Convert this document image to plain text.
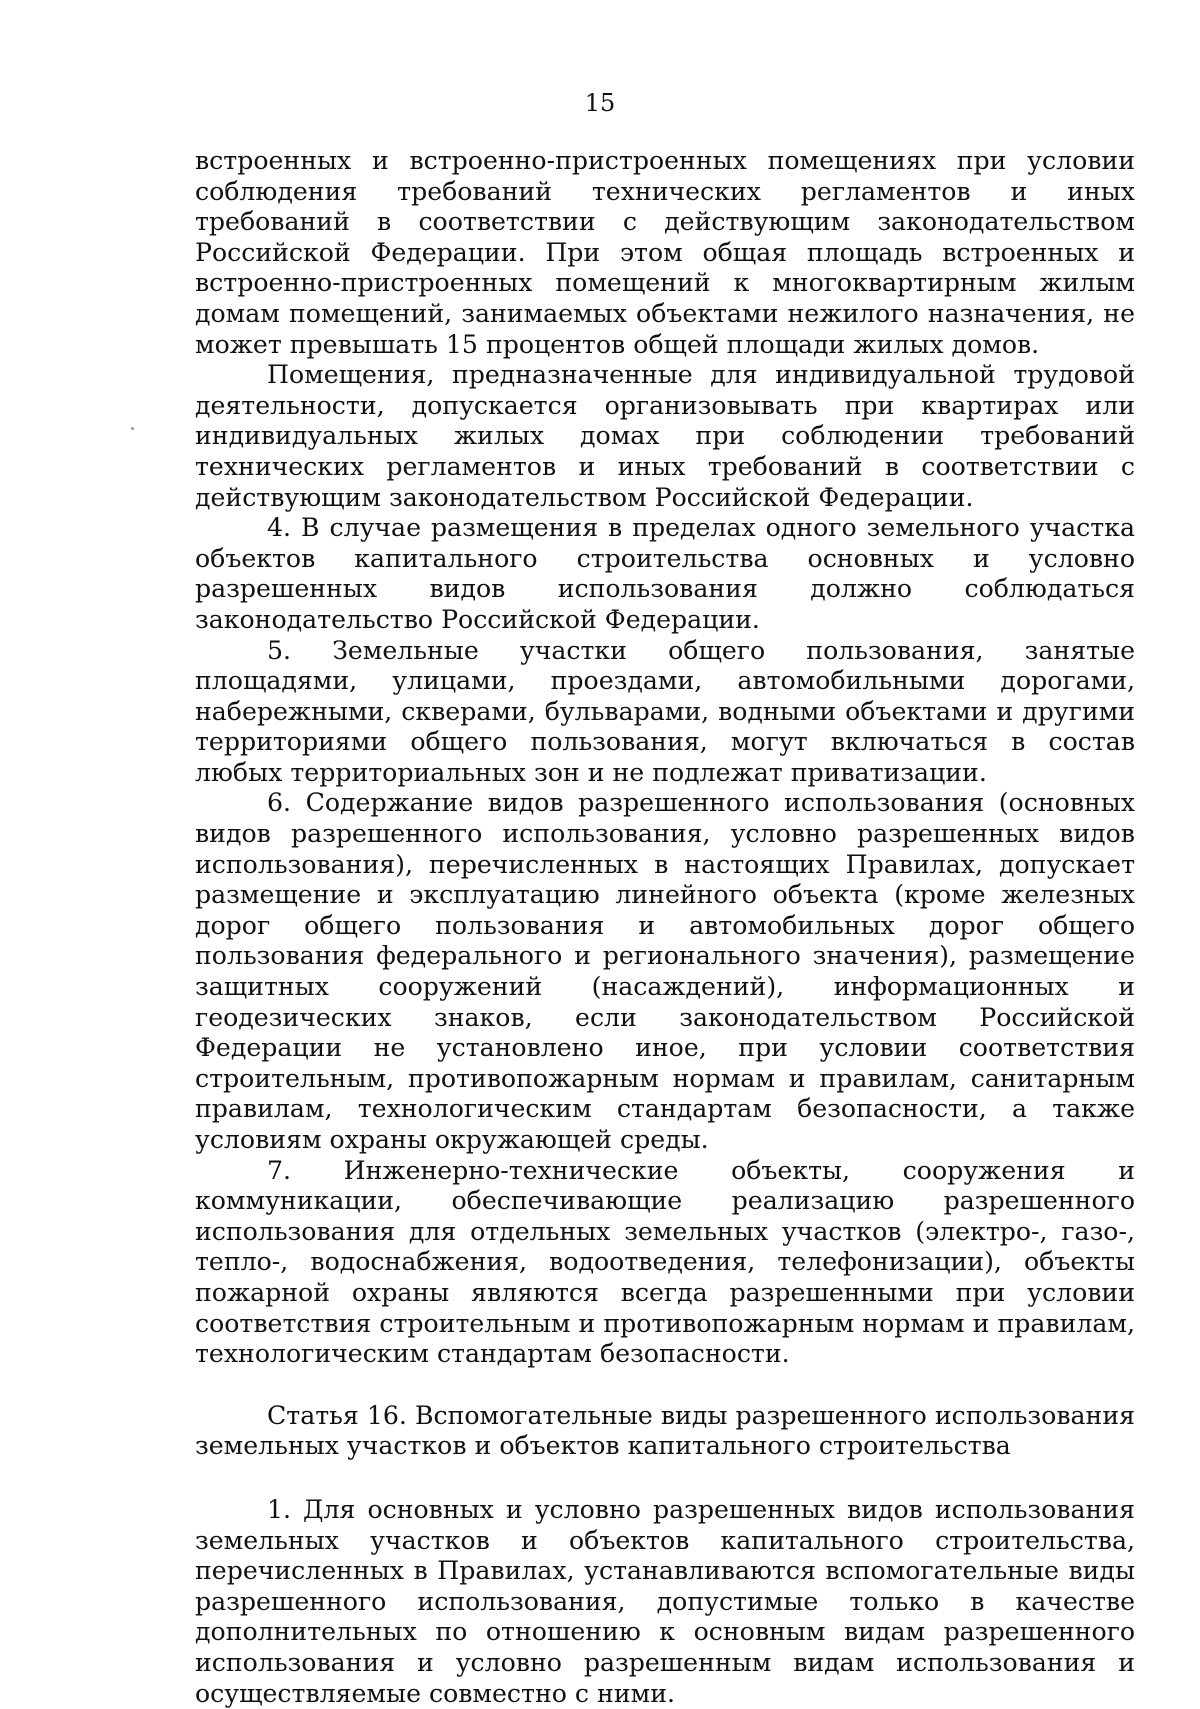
15

встроенных и встроенно-пристроенных помещениях при условии соблюдения требований технических регламентов и иных требований в соответствии с действующим законодательством Российской Федерации. При этом общая площадь встроенных и встроенно-пристроенных помещений к многоквартирным жилым домам помещений, занимаемых объектами нежилого назначения, не может превышать 15 процентов общей площади жилых домов.

Помещения, предназначенные для индивидуальной трудовой деятельности, допускается организовывать при квартирах или индивидуальных жилых домах при соблюдении требований технических регламентов и иных требований в соответствии с действующим законодательством Российской Федерации.

4. В случае размещения в пределах одного земельного участка объектов капитального строительства основных и условно разрешенных видов использования должно соблюдаться законодательство Российской Федерации.

5. Земельные участки общего пользования, занятые площадями, улицами, проездами, автомобильными дорогами, набережными, скверами, бульварами, водными объектами и другими территориями общего пользования, могут включаться в состав любых территориальных зон и не подлежат приватизации.

6. Содержание видов разрешенного использования (основных видов разрешенного использования, условно разрешенных видов использования), перечисленных в настоящих Правилах, допускает размещение и эксплуатацию линейного объекта (кроме железных дорог общего пользования и автомобильных дорог общего пользования федерального и регионального значения), размещение защитных сооружений (насаждений), информационных и геодезических знаков, если законодательством Российской Федерации не установлено иное, при условии соответствия строительным, противопожарным нормам и правилам, санитарным правилам, технологическим стандартам безопасности, а также условиям охраны окружающей среды.

7. Инженерно-технические объекты, сооружения и коммуникации, обеспечивающие реализацию разрешенного использования для отдельных земельных участков (электро-, газо-, тепло-, водоснабжения, водоотведения, телефонизации), объекты пожарной охраны являются всегда разрешенными при условии соответствия строительным и противопожарным нормам и правилам, технологическим стандартам безопасности.

Статья 16. Вспомогательные виды разрешенного использования земельных участков и объектов капитального строительства

1. Для основных и условно разрешенных видов использования земельных участков и объектов капитального строительства, перечисленных в Правилах, устанавливаются вспомогательные виды разрешенного использования, допустимые только в качестве дополнительных по отношению к основным видам разрешенного использования и условно разрешенным видам использования и осуществляемые совместно с ними.
